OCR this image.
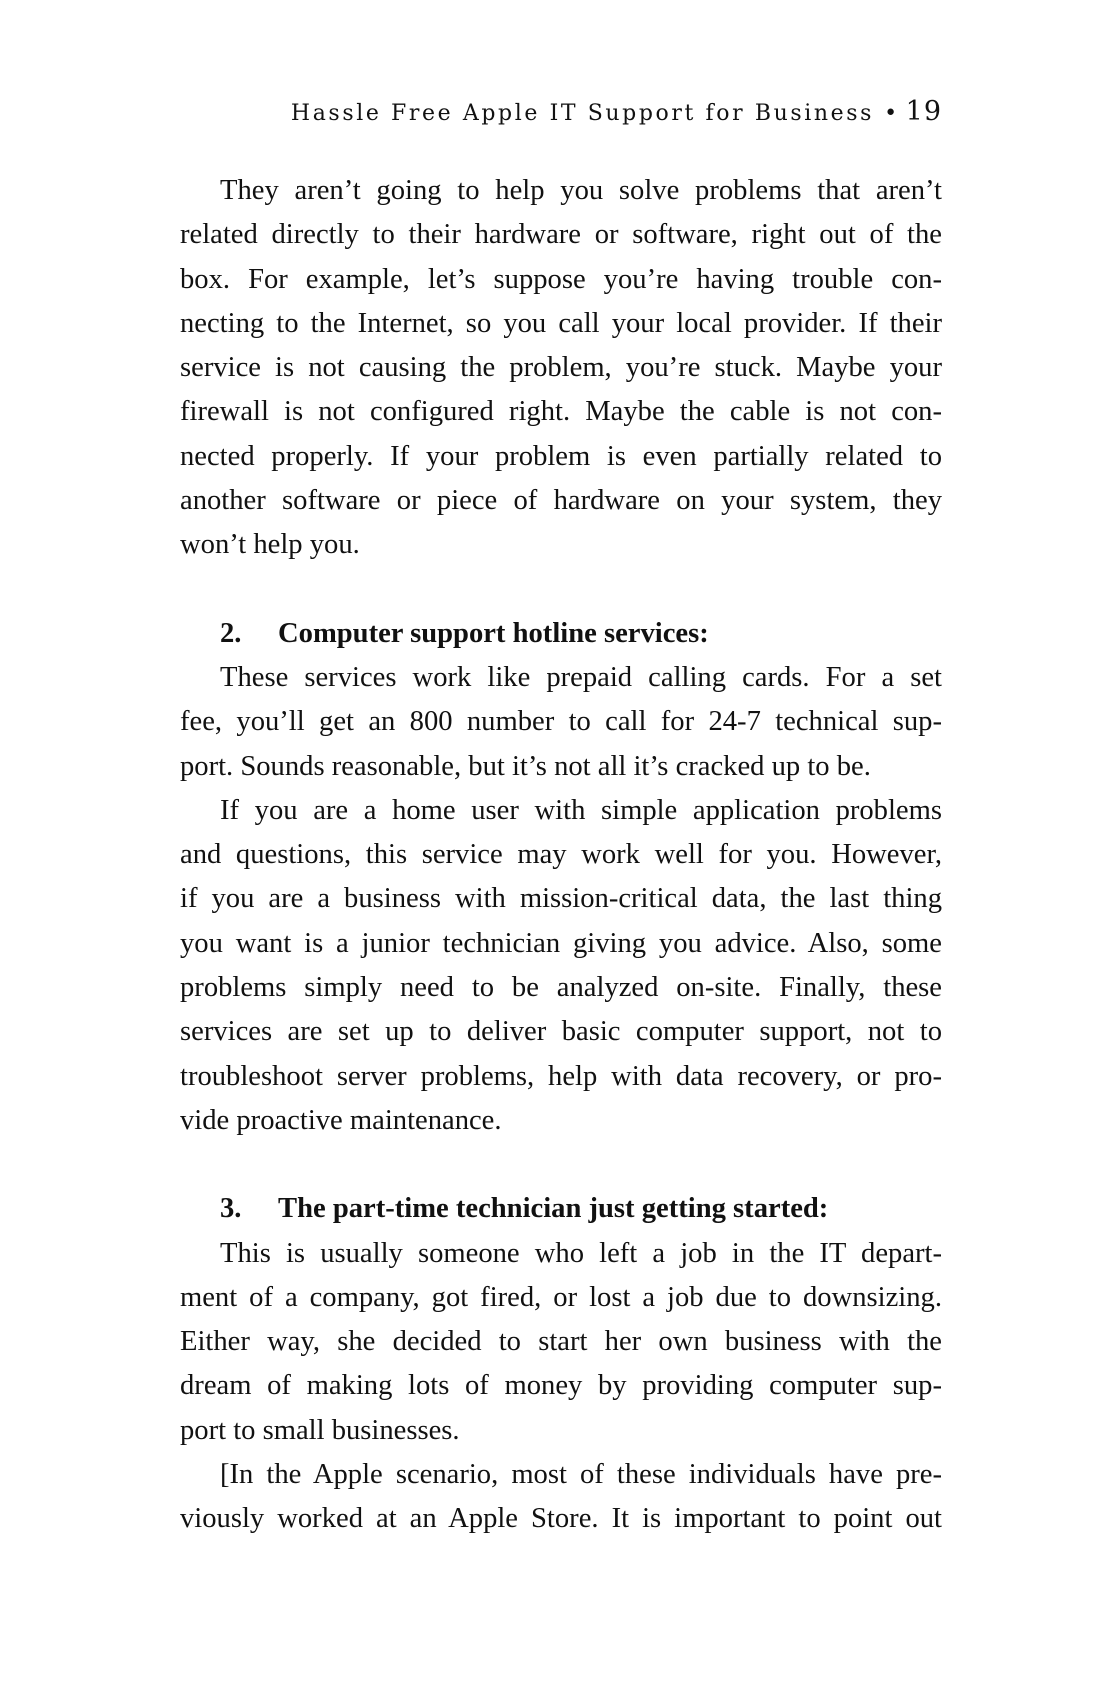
Hassle Free Apple IT Support for Business • 19
They aren’t going to help you solve problems that aren’t
related directly to their hardware or software, right out of the
box. For example, let’s suppose you’re having trouble con-
necting to the Internet, so you call your local provider. If their
service is not causing the problem, you’re stuck. Maybe your
firewall is not configured right. Maybe the cable is not con-
nected properly. If your problem is even partially related to
another software or piece of hardware on your system, they
won’t help you.
2. Computer support hotline services:
These services work like prepaid calling cards. For a set
fee, you’ll get an 800 number to call for 24-7 technical sup-
port. Sounds reasonable, but it’s not all it’s cracked up to be.
If you are a home user with simple application problems
and questions, this service may work well for you. However,
if you are a business with mission-critical data, the last thing
you want is a junior technician giving you advice. Also, some
problems simply need to be analyzed on-site. Finally, these
services are set up to deliver basic computer support, not to
troubleshoot server problems, help with data recovery, or pro-
vide proactive maintenance.
3. The part-time technician just getting started:
This is usually someone who left a job in the IT depart-
ment of a company, got fired, or lost a job due to downsizing.
Either way, she decided to start her own business with the
dream of making lots of money by providing computer sup-
port to small businesses.
[In the Apple scenario, most of these individuals have pre-
viously worked at an Apple Store. It is important to point out
